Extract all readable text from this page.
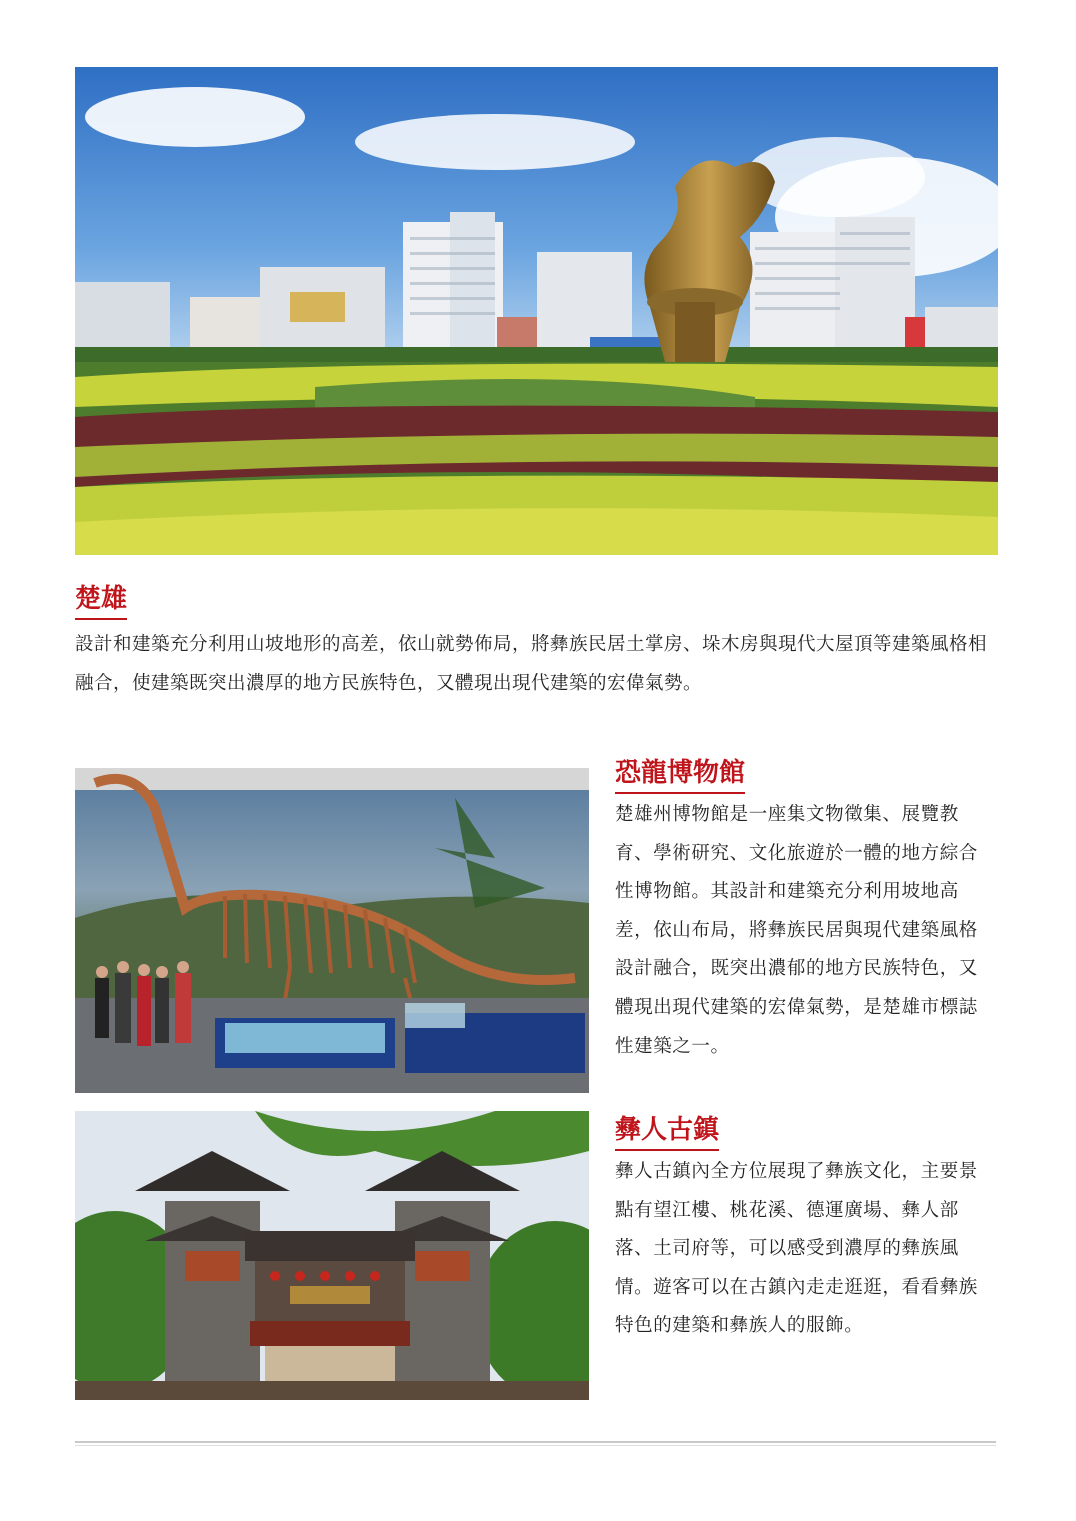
楚雄
設計和建築充分利用山坡地形的高差，依山就勢佈局，將彝族民居土掌房、垛木房與現代大屋頂等建築風格相融合，使建築既突出濃厚的地方民族特色，又體現出現代建築的宏偉氣勢。
恐龍博物館
楚雄州博物館是一座集文物徵集、展覽教育、學術研究、文化旅遊於一體的地方綜合性博物館。其設計和建築充分利用坡地高差，依山布局，將彝族民居與現代建築風格設計融合，既突出濃郁的地方民族特色，又體現出現代建築的宏偉氣勢，是楚雄市標誌性建築之一。
彝人古鎮
彝人古鎮內全方位展現了彝族文化，主要景點有望江樓、桃花溪、德運廣場、彝人部落、土司府等，可以感受到濃厚的彝族風情。遊客可以在古鎮內走走逛逛，看看彝族特色的建築和彝族人的服飾。
